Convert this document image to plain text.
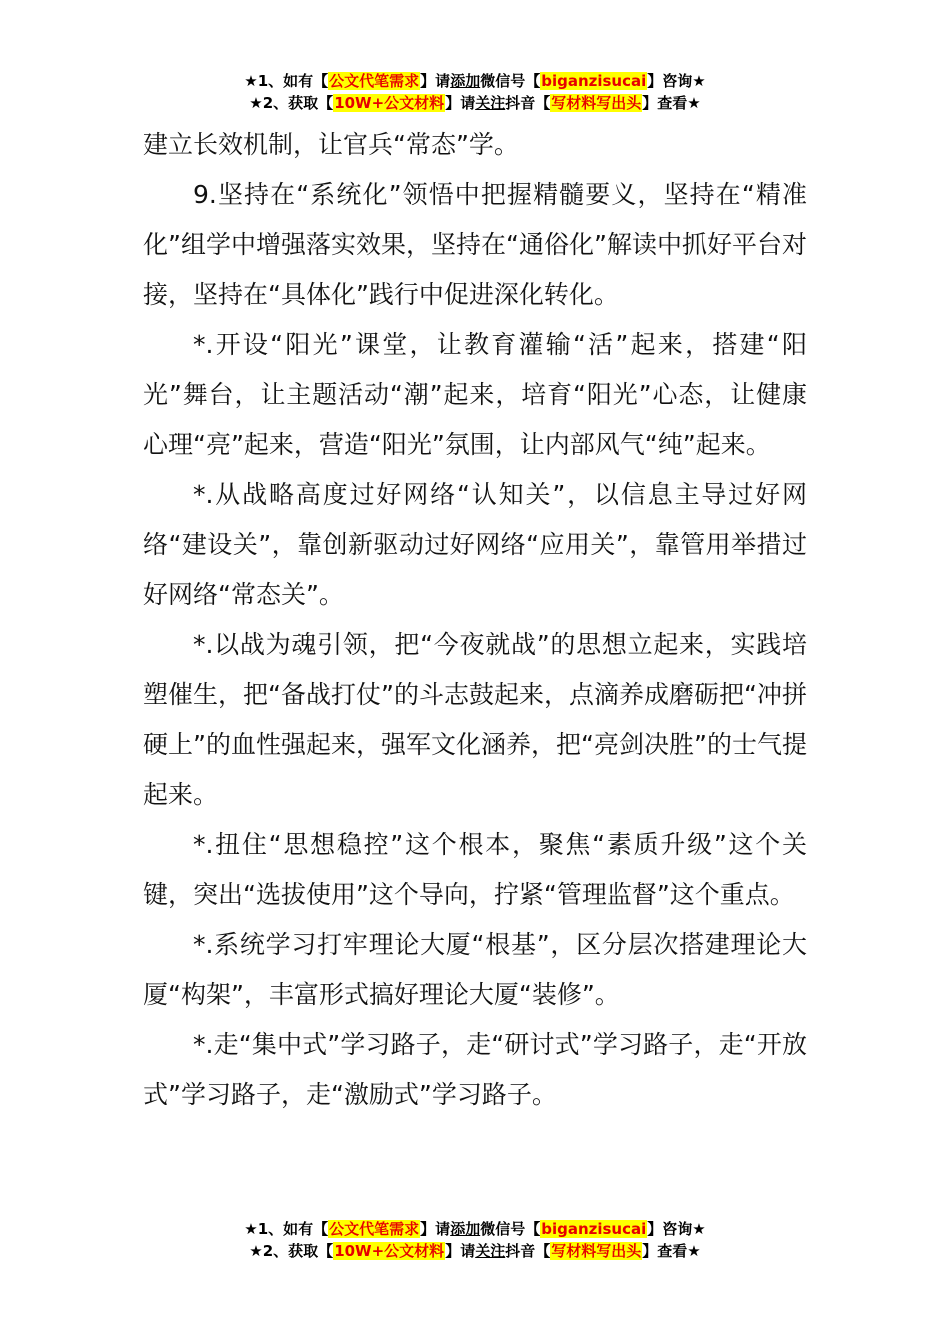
★1、如有【公文代笔需求】请添加微信号【biganzisucai】咨询★
★2、获取【10W+公文材料】请关注抖音【写材料写出头】查看★

建立长效机制，让官兵“常态”学。

9.坚持在“系统化”领悟中把握精髓要义，坚持在“精准化”组学中增强落实效果，坚持在“通俗化”解读中抓好平台对接，坚持在“具体化”践行中促进深化转化。

*.开设“阳光”课堂，让教育灌输“活”起来，搭建“阳光”舞台，让主题活动“潮”起来，培育“阳光”心态，让健康心理“亮”起来，营造“阳光”氛围，让内部风气“纯”起来。

*.从战略高度过好网络“认知关”，以信息主导过好网络“建设关”，靠创新驱动过好网络“应用关”，靠管用举措过好网络“常态关”。

*.以战为魂引领，把“今夜就战”的思想立起来，实践培塑催生，把“备战打仗”的斗志鼓起来，点滴养成磨砺把“冲拼硬上”的血性强起来，强军文化涵养，把“亮剑决胜”的士气提起来。

*.扭住“思想稳控”这个根本，聚焦“素质升级”这个关键，突出“选拔使用”这个导向，拧紧“管理监督”这个重点。

*.系统学习打牢理论大厦“根基”，区分层次搭建理论大厦“构架”，丰富形式搞好理论大厦“装修”。

*.走“集中式”学习路子，走“研讨式”学习路子，走“开放式”学习路子，走“激励式”学习路子。

★1、如有【公文代笔需求】请添加微信号【biganzisucai】咨询★
★2、获取【10W+公文材料】请关注抖音【写材料写出头】查看★
